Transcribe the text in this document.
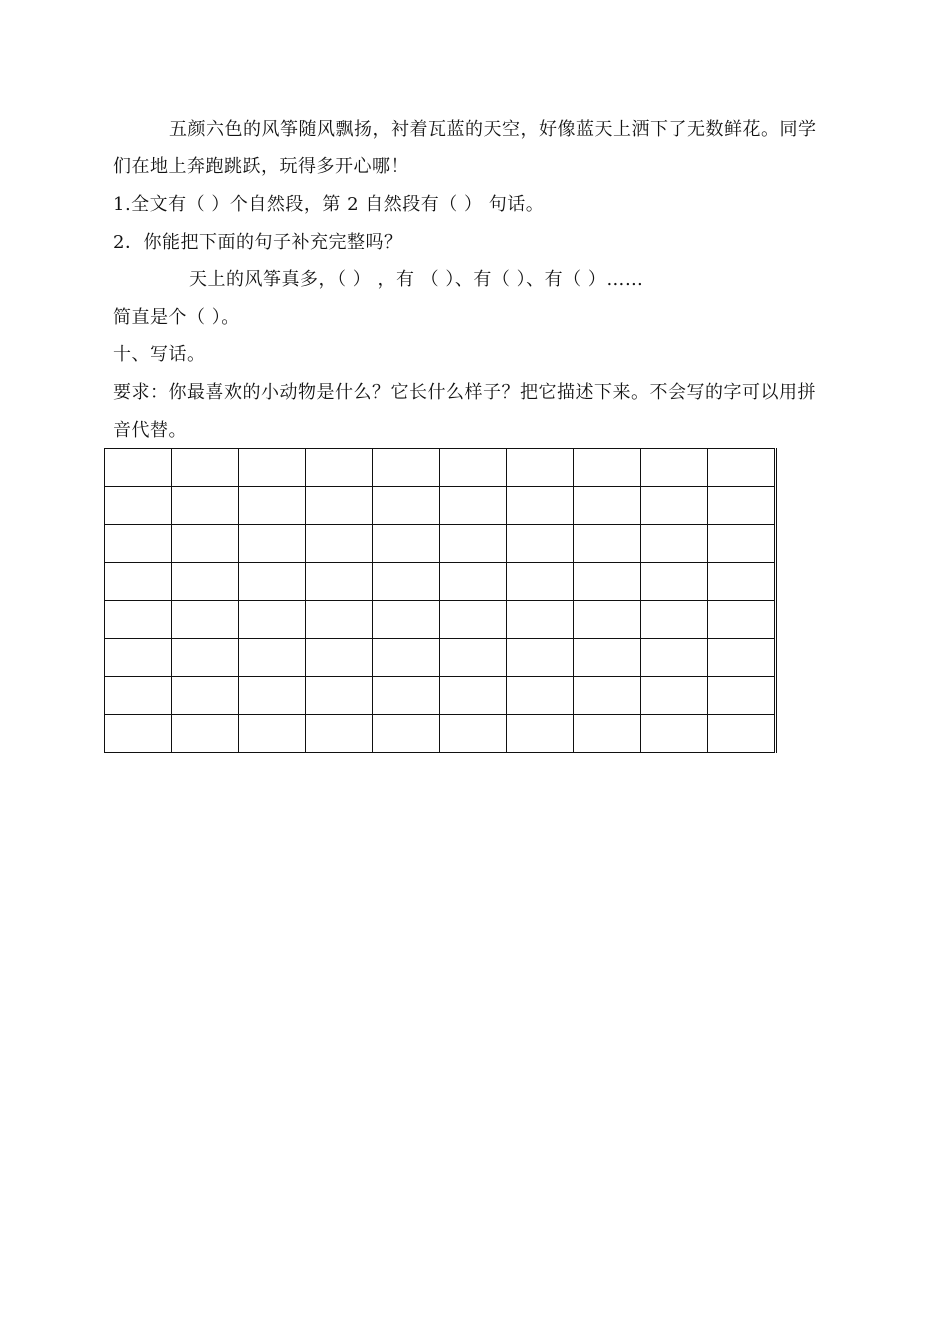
五颜六色的风筝随风飘扬，衬着瓦蓝的天空，好像蓝天上洒下了无数鲜花。同学
们在地上奔跑跳跃，玩得多开心哪！
1.全文有（ ）个自然段，第 2 自然段有（ ） 句话。
2．你能把下面的句子补充完整吗？
天上的风筝真多，（ ） ，有 （ ）、有（ ）、有（ ）……
简直是个（ ）。
十、写话。
要求：你最喜欢的小动物是什么？它长什么样子？把它描述下来。不会写的字可以用拼
音代替。
